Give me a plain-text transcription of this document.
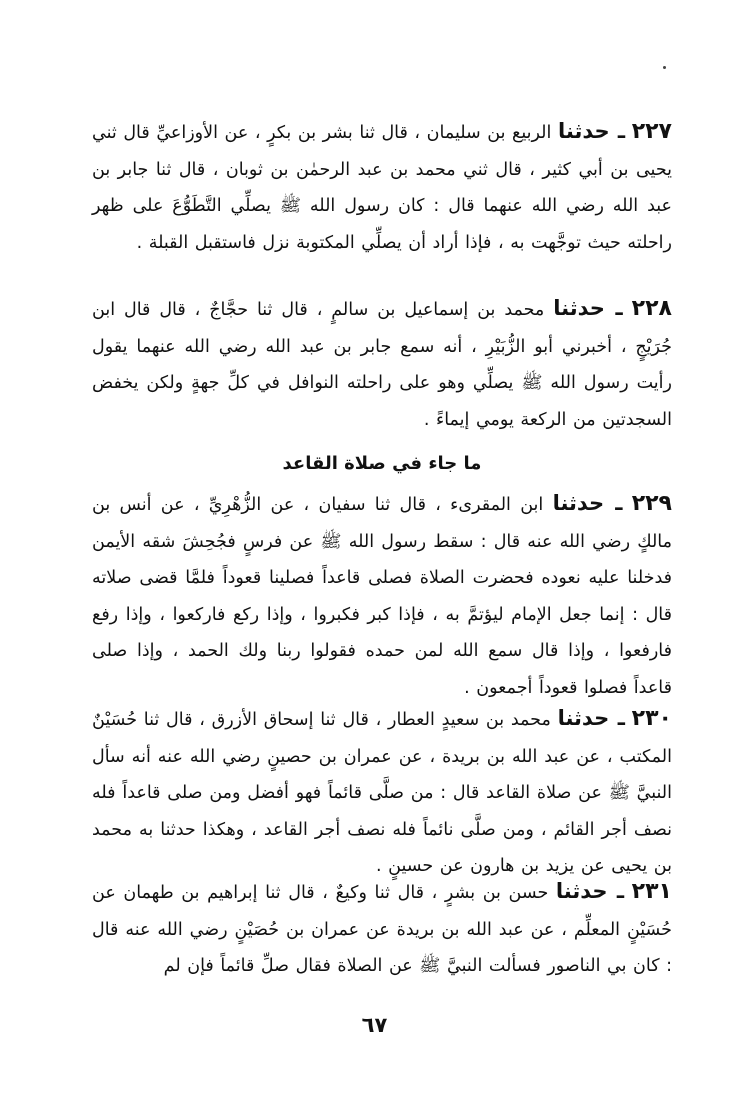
٢٢٧ ـ حدثنا الربيع بن سليمان ، قال ثنا بشر بن بكرٍ ، عن الأوزاعيِّ قال ثني يحيى بن أبي كثير ، قال ثني محمد بن عبد الرحمٰن بن ثوبان ، قال ثنا جابر بن عبد الله رضي الله عنهما قال : كان رسول الله ﷺ يصلِّي التَّطَوُّعَ على ظهر راحلته حيث توجَّهت به ، فإذا أراد أن يصلِّي المكتوبة نزل فاستقبل القبلة .
٢٢٨ ـ حدثنا محمد بن إسماعيل بن سالمٍ ، قال ثنا حجَّاجٌ ، قال قال ابن جُرَيْجٍ ، أخبرني أبو الزُّبَيْرِ ، أنه سمع جابر بن عبد الله رضي الله عنهما يقول رأيت رسول الله ﷺ يصلِّي وهو على راحلته النوافل في كلِّ جهةٍ ولكن يخفض السجدتين من الركعة يومي إيماءً .
ما جاء في صلاة القاعد
٢٢٩ ـ حدثنا ابن المقرىء ، قال ثنا سفيان ، عن الزُّهْرِيِّ ، عن أنس بن مالكٍ رضي الله عنه قال : سقط رسول الله ﷺ عن فرسٍ فجُحِشَ شقه الأيمن فدخلنا عليه نعوده فحضرت الصلاة فصلى قاعداً فصلينا قعوداً فلمَّا قضى صلاته قال : إنما جعل الإمام ليؤتمَّ به ، فإذا كبر فكبروا ، وإذا ركع فاركعوا ، وإذا رفع فارفعوا ، وإذا قال سمع الله لمن حمده فقولوا ربنا ولك الحمد ، وإذا صلى قاعداً فصلوا قعوداً أجمعون .
٢٣٠ ـ حدثنا محمد بن سعيدٍ العطار ، قال ثنا إسحاق الأزرق ، قال ثنا حُسَيْنٌ المكتب ، عن عبد الله بن بريدة ، عن عمران بن حصينٍ رضي الله عنه أنه سأل النبيَّ ﷺ عن صلاة القاعد قال : من صلَّى قائماً فهو أفضل ومن صلى قاعداً فله نصف أجر القائم ، ومن صلَّى نائماً فله نصف أجر القاعد ، وهكذا حدثنا به محمد بن يحيى عن يزيد بن هارون عن حسينٍ .
٢٣١ ـ حدثنا حسن بن بشرٍ ، قال ثنا وكيعٌ ، قال ثنا إبراهيم بن طهمان عن حُسَيْنٍ المعلِّم ، عن عبد الله بن بريدة عن عمران بن حُصَيْنٍ رضي الله عنه قال : كان بي الناصور فسألت النبيَّ ﷺ عن الصلاة فقال صلِّ قائماً فإن لم
٦٧
